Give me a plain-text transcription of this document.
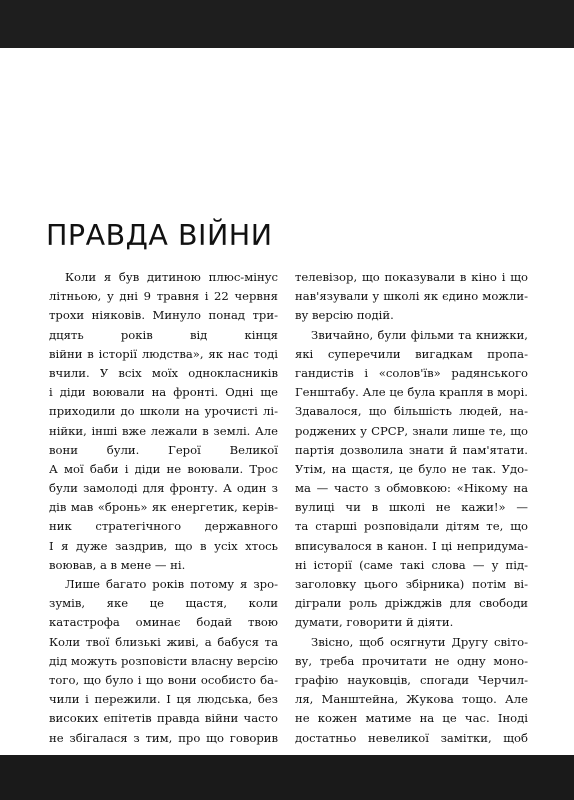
ПРАВДА ВІЙНИ
Коли я був дитиною плюс-мінус
літньою, у дні 9 травня і 22 червня
трохи ніяковів. Минуло понад три-
дцять років від кінця
війни в історії людства», як нас тоді
вчили. У всіх моїх однокласників
і діди воювали на фронті. Одні ще
приходили до школи на урочисті лі-
нійки, інші вже лежали в землі. Але
вони були. Герої Великої
А мої баби і діди не воювали. Трос
були замолоді для фронту. А один з
дів мав «бронь» як енергетик, керів-
ник стратегічного державного
І я дуже заздрив, що в усіх хтось
воював, а в мене — ні.
Лише багато років потому я зро-
зумів, яке це щастя, коли
катастрофа оминає бодай твою
Коли твої близькі живі, а бабуся та
дід можуть розповісти власну версію
того, що було і що вони особисто ба-
чили і пережили. І ця людська, без
високих епітетів правда війни часто
не збігалася з тим, про що говорив
телевізор, що показували в кіно і що
нав'язували у школі як єдино можли-
ву версію подій.
Звичайно, були фільми та книжки,
які суперечили вигадкам пропа-
гандистів і «солов'їв» радянського
Генштабу. Але це була крапля в морі.
Здавалося, що більшість людей, на-
роджених у СРСР, знали лише те, що
партія дозволила знати й пам'ятати.
Утім, на щастя, це було не так. Удо-
ма — часто з обмовкою: «Нікому на
вулиці чи в школі не кажи!» —
та старші розповідали дітям те, що
вписувалося в канон. І ці непридума-
ні історії (саме такі слова — у під-
заголовку цього збірника) потім ві-
діграли роль дріжджів для свободи
думати, говорити й діяти.
Звісно, щоб осягнути Другу світо-
ву, треба прочитати не одну моно-
графію науковців, спогади Черчил-
ля, Манштейна, Жукова тощо. Але
не кожен матиме на це час. Іноді
достатньо невеликої замітки, щоб
